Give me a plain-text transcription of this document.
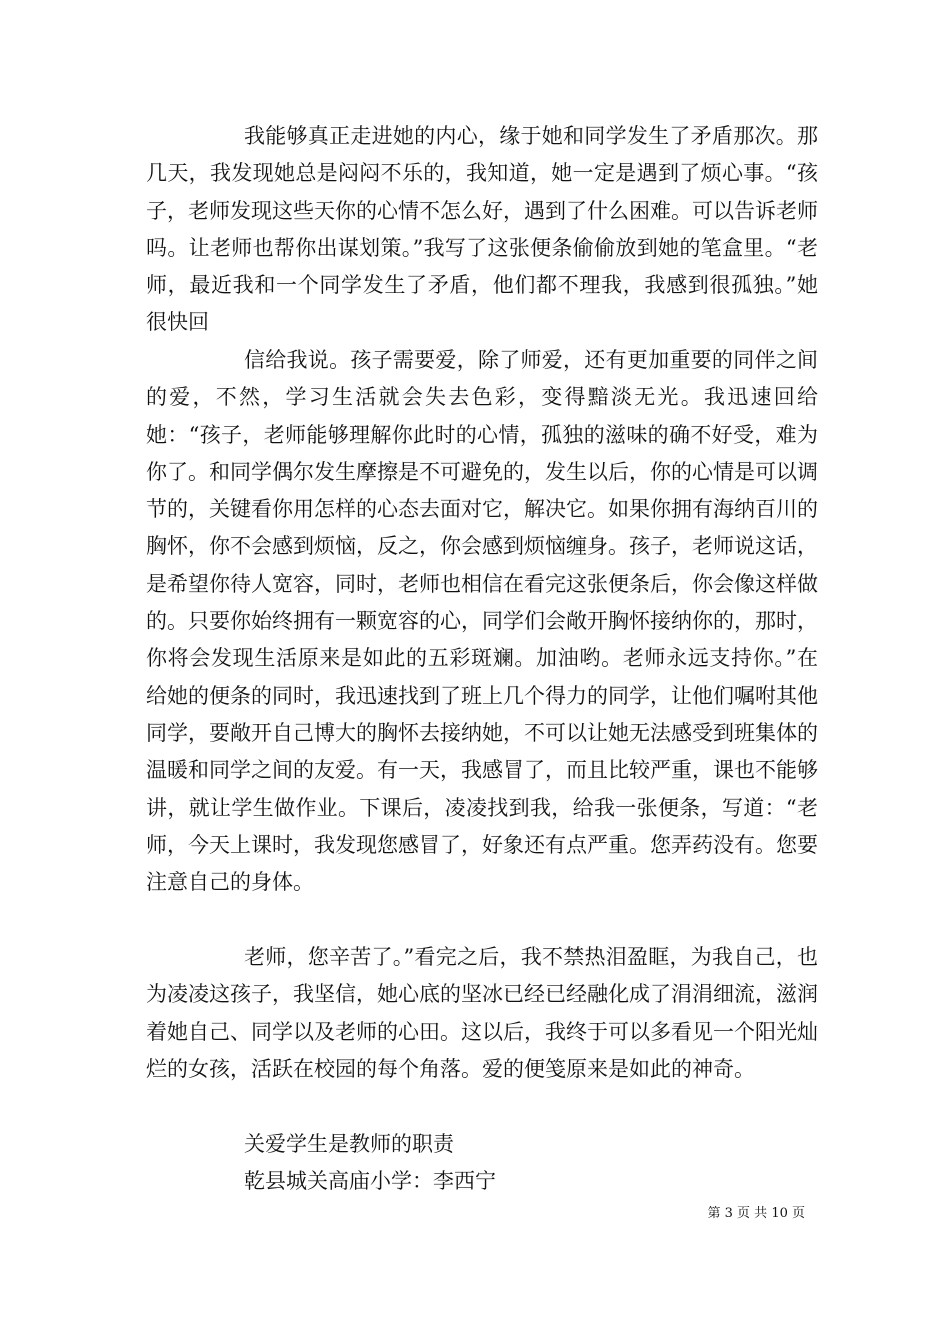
我能够真正走进她的内心，缘于她和同学发生了矛盾那次。那几天，我发现她总是闷闷不乐的，我知道，她一定是遇到了烦心事。“孩子，老师发现这些天你的心情不怎么好，遇到了什么困难。可以告诉老师吗。让老师也帮你出谋划策。”我写了这张便条偷偷放到她的笔盒里。“老师，最近我和一个同学发生了矛盾，他们都不理我，我感到很孤独。”她很快回

信给我说。孩子需要爱，除了师爱，还有更加重要的同伴之间的爱，不然，学习生活就会失去色彩，变得黯淡无光。我迅速回给她：“孩子，老师能够理解你此时的心情，孤独的滋味的确不好受，难为你了。和同学偶尔发生摩擦是不可避免的，发生以后，你的心情是可以调节的，关键看你用怎样的心态去面对它，解决它。如果你拥有海纳百川的胸怀，你不会感到烦恼，反之，你会感到烦恼缠身。孩子，老师说这话，是希望你待人宽容，同时，老师也相信在看完这张便条后，你会像这样做的。只要你始终拥有一颗宽容的心，同学们会敞开胸怀接纳你的，那时，你将会发现生活原来是如此的五彩斑斓。加油哟。老师永远支持你。”在给她的便条的同时，我迅速找到了班上几个得力的同学，让他们嘱咐其他同学，要敞开自己博大的胸怀去接纳她，不可以让她无法感受到班集体的温暖和同学之间的友爱。有一天，我感冒了，而且比较严重，课也不能够讲，就让学生做作业。下课后，凌凌找到我，给我一张便条，写道：“老师，今天上课时，我发现您感冒了，好象还有点严重。您弄药没有。您要注意自己的身体。

老师，您辛苦了。”看完之后，我不禁热泪盈眶，为我自己，也为凌凌这孩子，我坚信，她心底的坚冰已经已经融化成了涓涓细流，滋润着她自己、同学以及老师的心田。这以后，我终于可以多看见一个阳光灿烂的女孩，活跃在校园的每个角落。爱的便笺原来是如此的神奇。

关爱学生是教师的职责

乾县城关高庙小学：李西宁

第 3 页 共 10 页
